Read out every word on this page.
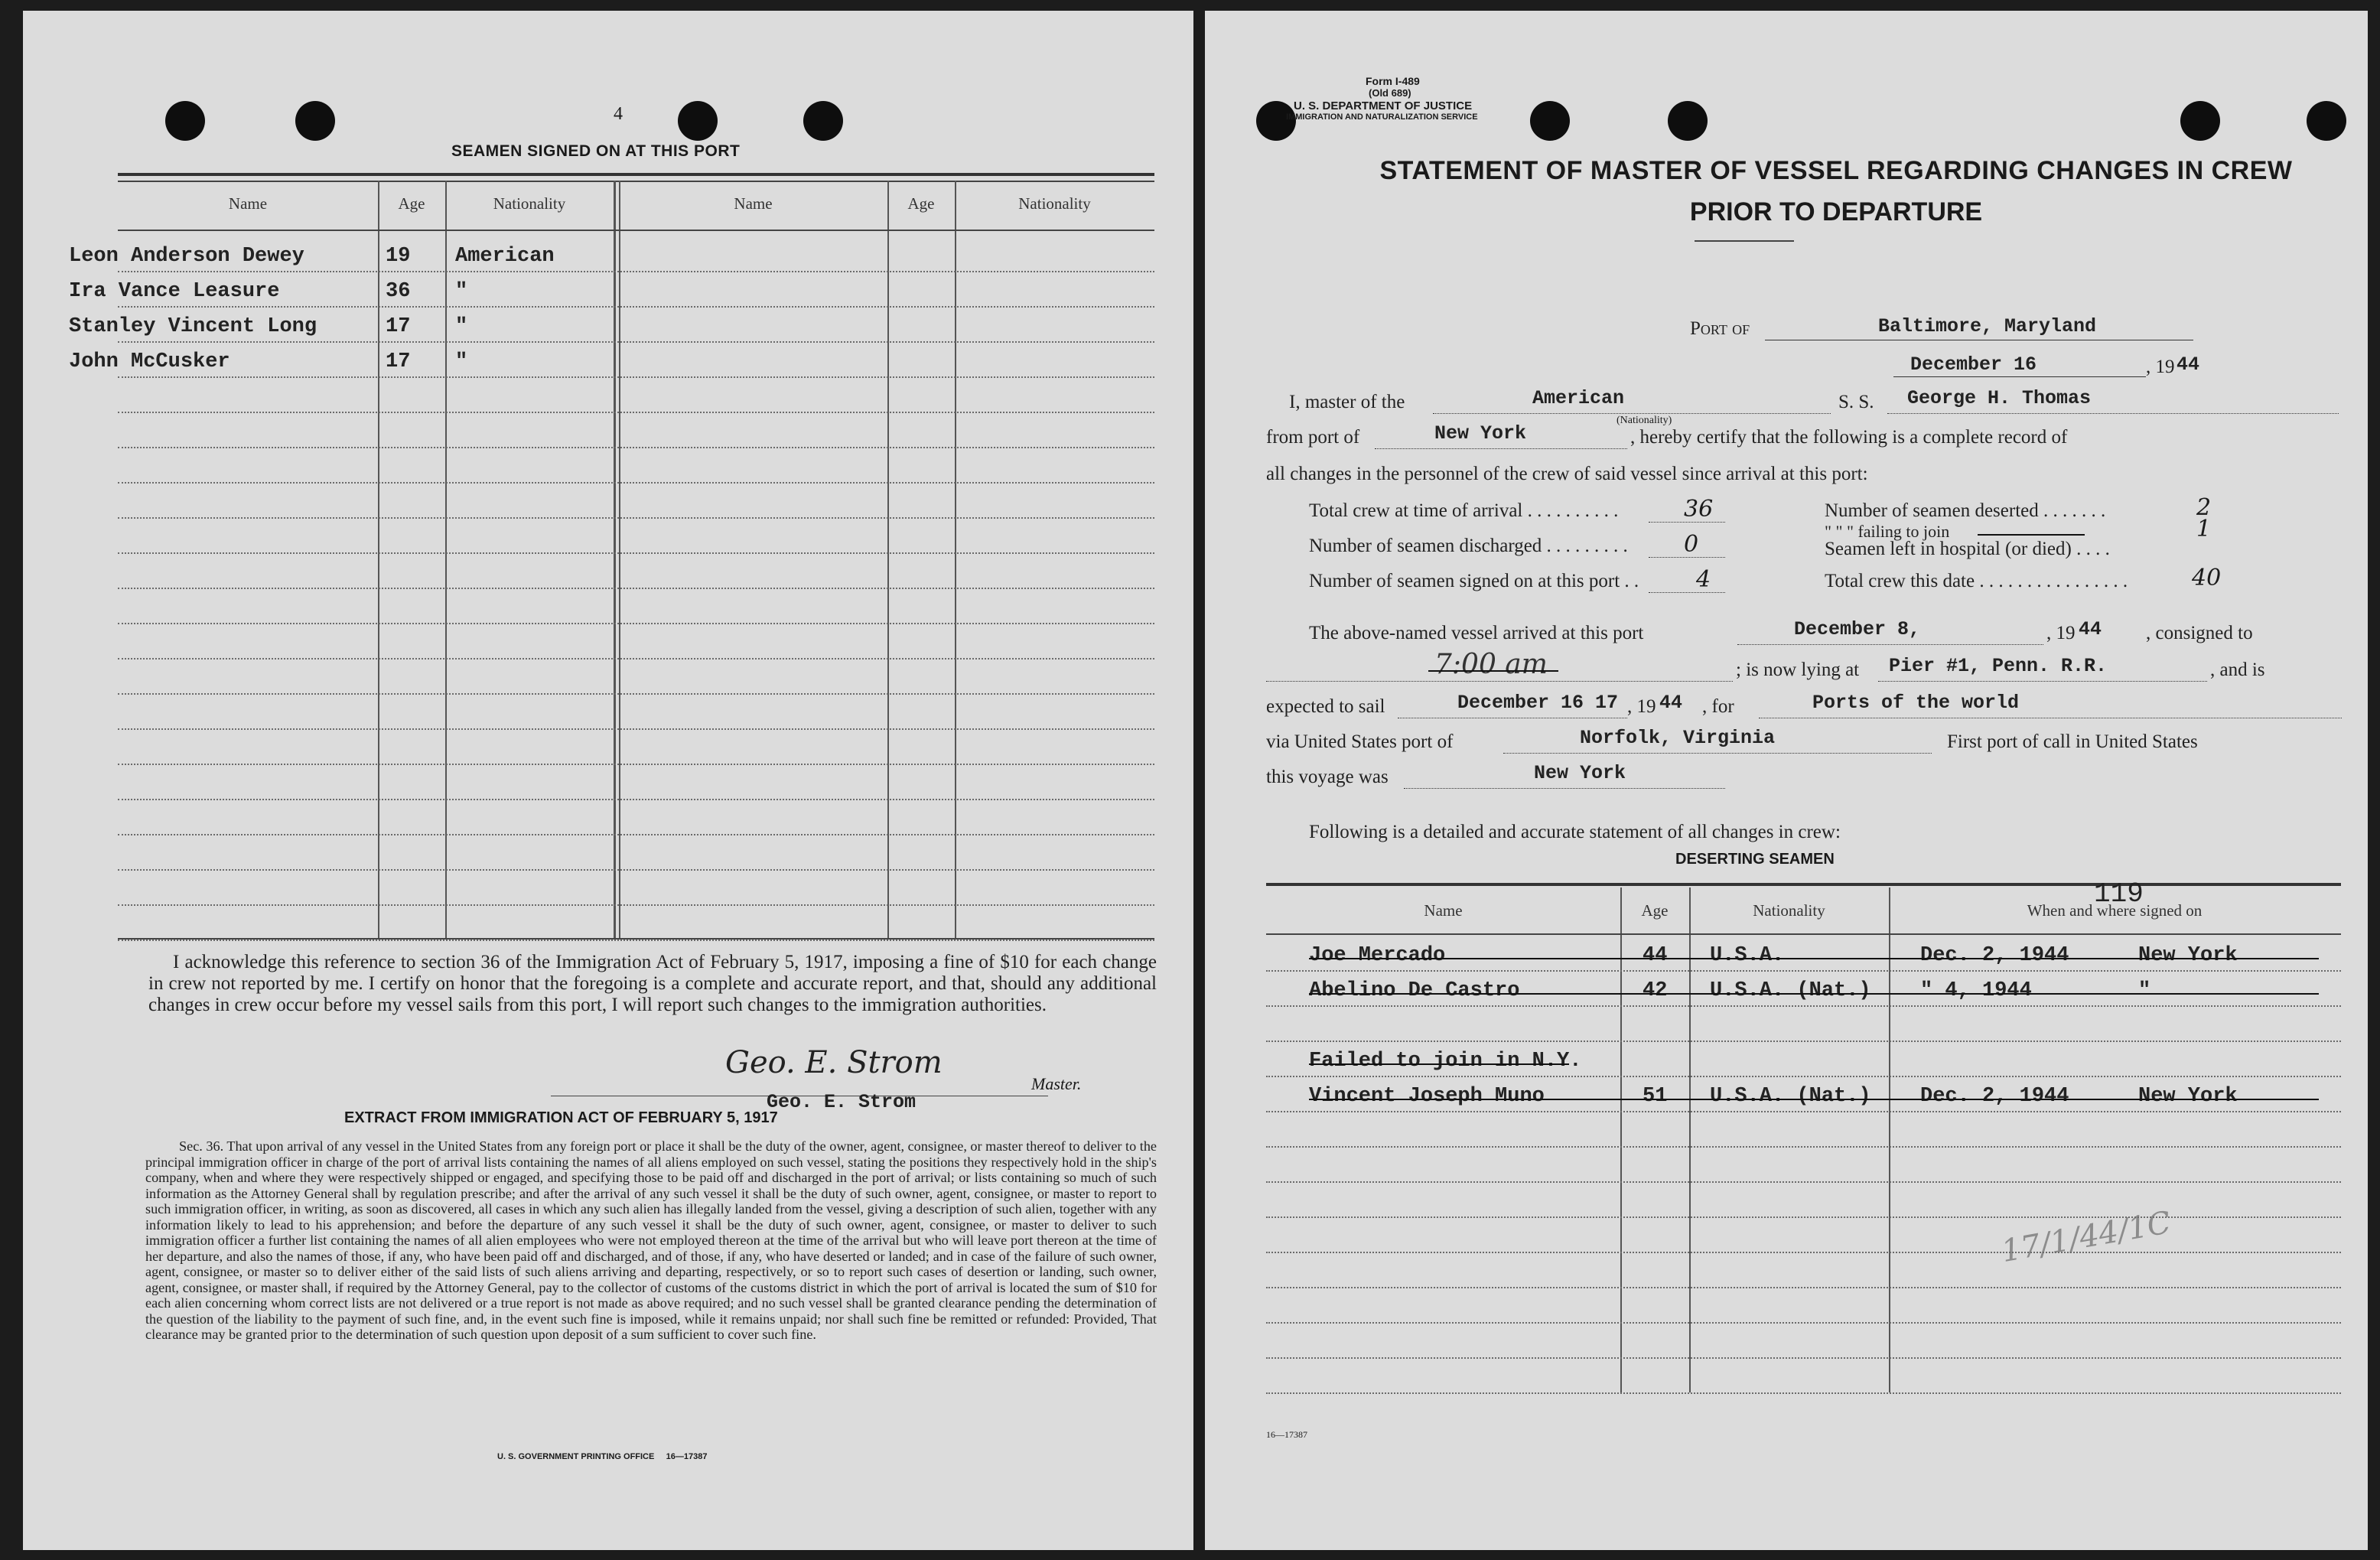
4
SEAMEN SIGNED ON AT THIS PORT
Name	Age	Nationality	Name	Age	Nationality
I acknowledge this reference to section 36 of the Immigration Act of February 5, 1917, imposing a fine of $10 for each change in crew not reported by me. I certify on honor that the foregoing is a complete and accurate report, and that, should any additional changes in crew occur before my vessel sails from this port, I will report such changes to the immigration authorities.
Geo. E. Strom
Geo. E. Strom
Master.
EXTRACT FROM IMMIGRATION ACT OF FEBRUARY 5, 1917
Sec. 36. That upon arrival of any vessel in the United States from any foreign port or place it shall be the duty of the owner, agent, consignee, or master thereof to deliver to the principal immigration officer in charge of the port of arrival lists containing the names of all aliens employed on such vessel, stating the positions they respectively hold in the ship's company, when and where they were respectively shipped or engaged, and specifying those to be paid off and discharged in the port of arrival; or lists containing so much of such information as the Attorney General shall by regulation prescribe; and after the arrival of any such vessel it shall be the duty of such owner, agent, consignee, or master to report to such immigration officer, in writing, as soon as discovered, all cases in which any such alien has illegally landed from the vessel, giving a description of such alien, together with any information likely to lead to his apprehension; and before the departure of any such vessel it shall be the duty of such owner, agent, consignee, or master to deliver to such immigration officer a further list containing the names of all alien employees who were not employed thereon at the time of the arrival but who will leave port thereon at the time of her departure, and also the names of those, if any, who have been paid off and discharged, and of those, if any, who have deserted or landed; and in case of the failure of such owner, agent, consignee, or master so to deliver either of the said lists of such aliens arriving and departing, respectively, or so to report such cases of desertion or landing, such owner, agent, consignee, or master shall, if required by the Attorney General, pay to the collector of customs of the customs district in which the port of arrival is located the sum of $10 for each alien concerning whom correct lists are not delivered or a true report is not made as above required; and no such vessel shall be granted clearance pending the determination of the question of the liability to the payment of such fine, and, in the event such fine is imposed, while it remains unpaid; nor shall such fine be remitted or refunded: Provided, That clearance may be granted prior to the determination of such question upon deposit of a sum sufficient to cover such fine.
U. S. GOVERNMENT PRINTING OFFICE     16—17387
Leon Anderson Dewey	19 American
Ira Vance Leasure	36 "
Stanley Vincent Long	17 "
John McCusker	17 "
Form I-489
(Old 689)
U. S. DEPARTMENT OF JUSTICE
IMMIGRATION AND NATURALIZATION SERVICE
STATEMENT OF MASTER OF VESSEL REGARDING CHANGES IN CREW
PRIOR TO DEPARTURE
Port of	Baltimore, Maryland
December 16	, 19 44
I, master of the	American
(Nationality)
S. S. George H. Thomas
from port of	New York	, hereby certify that the following is a complete record of
all changes in the personnel of the crew of said vessel since arrival at this port:
The above-named vessel arrived at this port	December 8,	, 19 44 , consigned to
7:00 am	; is now lying at Pier #1, Penn. R.R.	, and is
expected to sail	December 16 17 , 19 44 , for	Ports of the world
via United States port of	Norfolk, Virginia	First port of call in United States
this voyage was	New York
Following is a detailed and accurate statement of all changes in crew:
DESERTING SEAMEN
Name	Age	Nationality	When and where signed on
119
17/1/44/1C
16—17387
Total crew at time of arrival . . . . . . . . . .	36
Number of seamen discharged . . . . . . . . . 0
Number of seamen signed on at this port . . 4
Number of seamen deserted . . . . . . .	2
" " " failing to join	1
Seamen left in hospital (or died) . . . .
Total crew this date . . . . . . . . . . . . . . . .	40
Joe Mercado	44 U.S.A.	Dec. 2, 1944	New York
Abelino De Castro	42 U.S.A. (Nat.) " 4, 1944	"
Failed to join in N.Y.
Vincent Joseph Muno	51 U.S.A. (Nat.) Dec. 2, 1944	New York
